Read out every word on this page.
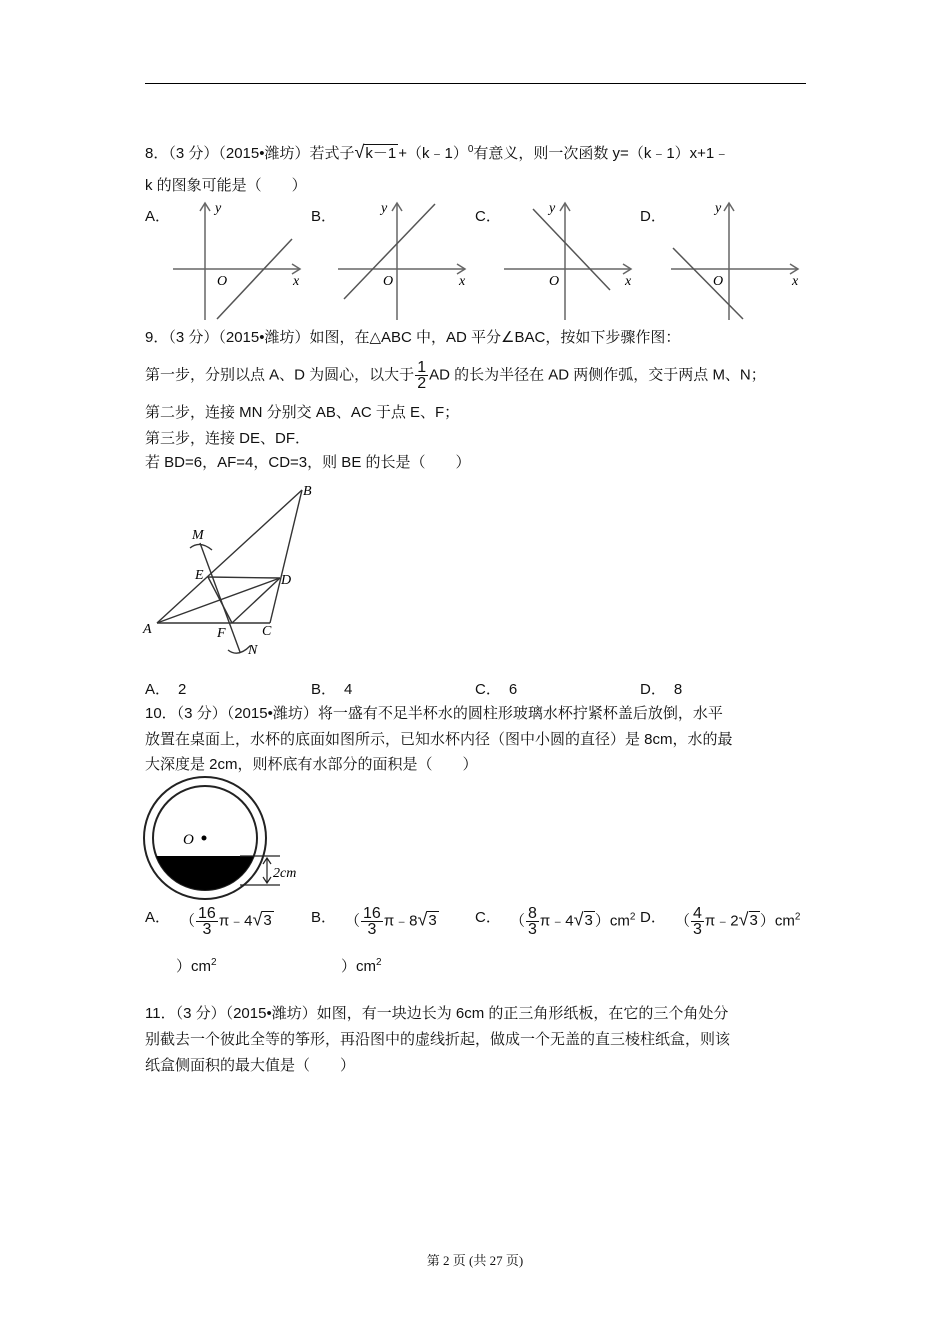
8．（3 分）（2015•潍坊）若式子√k－1 +（k﹣1）$^0$有意义，则一次函数 y=（k﹣1）x+1﹣
k 的图象可能是（　　）
A．	B．	C．	D．
y
x
O
y
x
O
y
x
O
y
x
O
9．（3 分）（2015•潍坊）如图，在△ABC 中，AD 平分∠BAC，按如下步骤作图：
第一步，分别以点 A、D 为圆心，以大于 $\frac{1}{2}$ AD 的长为半径在 AD 两侧作弧，交于两点 M、N；
第二步，连接 MN 分别交 AB、AC 于点 E、F；
第三步，连接 DE、DF．
若 BD=6，AF=4，CD=3，则 BE 的长是（　　）
B
M
E	D
A	F	C
N
A． 2	B． 4	C． 6	D． 8
10．（3 分）（2015•潍坊）将一盛有不足半杯水的圆柱形玻璃水杯拧紧杯盖后放倒，水平
放置在桌面上，水杯的底面如图所示，已知水杯内径（图中小圆的直径）是 8cm，水的最
大深度是 2cm，则杯底有水部分的面积是（　　）
O
2cm
A． （ $\frac{16}{3}$ π﹣4√3
）$cm^2$
B． （ $\frac{16}{3}$ π﹣8√3
）$cm^2$
C． （ $\frac{8}{3}$ π﹣4√3 ）$cm^2$ D． （ $\frac{4}{3}$ π﹣2√3 ）$cm^2$
11．（3 分）（2015•潍坊）如图，有一块边长为 6cm 的正三角形纸板，在它的三个角处分
别截去一个彼此全等的筝形，再沿图中的虚线折起，做成一个无盖的直三棱柱纸盒，则该
纸盒侧面积的最大值是（　　）
第 2 页 (共 27 页)
